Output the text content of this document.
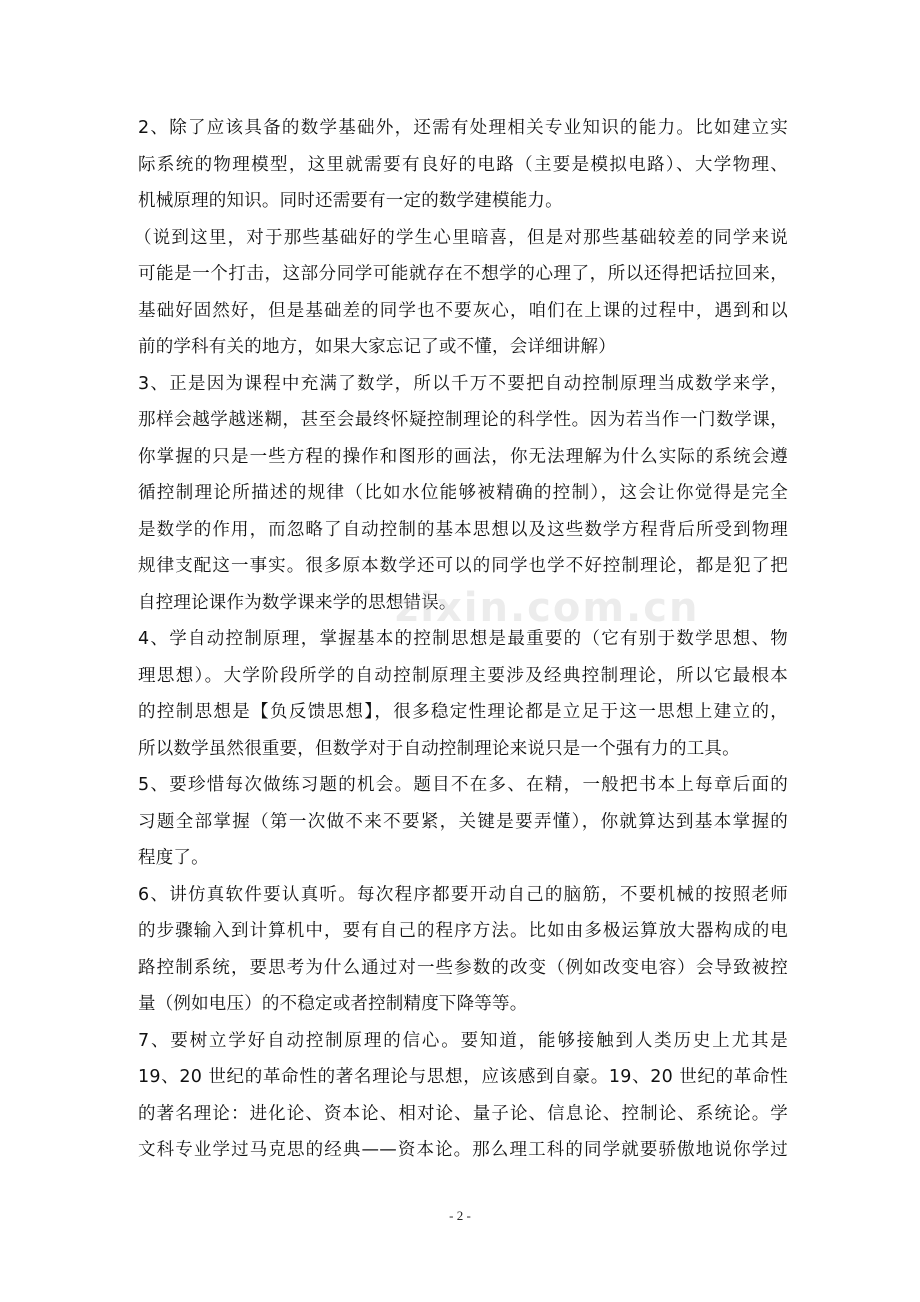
2、除了应该具备的数学基础外，还需有处理相关专业知识的能力。比如建立实
际系统的物理模型，这里就需要有良好的电路（主要是模拟电路）、大学物理、
机械原理的知识。同时还需要有一定的数学建模能力。
（说到这里，对于那些基础好的学生心里暗喜，但是对那些基础较差的同学来说
可能是一个打击，这部分同学可能就存在不想学的心理了，所以还得把话拉回来，
基础好固然好，但是基础差的同学也不要灰心，咱们在上课的过程中，遇到和以
前的学科有关的地方，如果大家忘记了或不懂，会详细讲解）
3、正是因为课程中充满了数学，所以千万不要把自动控制原理当成数学来学，
那样会越学越迷糊，甚至会最终怀疑控制理论的科学性。因为若当作一门数学课，
你掌握的只是一些方程的操作和图形的画法，你无法理解为什么实际的系统会遵
循控制理论所描述的规律（比如水位能够被精确的控制），这会让你觉得是完全
是数学的作用，而忽略了自动控制的基本思想以及这些数学方程背后所受到物理
规律支配这一事实。很多原本数学还可以的同学也学不好控制理论，都是犯了把
自控理论课作为数学课来学的思想错误。
4、学自动控制原理，掌握基本的控制思想是最重要的（它有别于数学思想、物
理思想）。大学阶段所学的自动控制原理主要涉及经典控制理论，所以它最根本
的控制思想是【负反馈思想】，很多稳定性理论都是立足于这一思想上建立的，
所以数学虽然很重要，但数学对于自动控制理论来说只是一个强有力的工具。
5、要珍惜每次做练习题的机会。题目不在多、在精，一般把书本上每章后面的
习题全部掌握（第一次做不来不要紧，关键是要弄懂），你就算达到基本掌握的
程度了。
6、讲仿真软件要认真听。每次程序都要开动自己的脑筋，不要机械的按照老师
的步骤输入到计算机中，要有自己的程序方法。比如由多极运算放大器构成的电
路控制系统，要思考为什么通过对一些参数的改变（例如改变电容）会导致被控
量（例如电压）的不稳定或者控制精度下降等等。
7、要树立学好自动控制原理的信心。要知道，能够接触到人类历史上尤其是
19、20 世纪的革命性的著名理论与思想，应该感到自豪。19、20 世纪的革命性
的著名理论：进化论、资本论、相对论、量子论、信息论、控制论、系统论。学
文科专业学过马克思的经典——资本论。那么理工科的同学就要骄傲地说你学过
zixin.com.cn
- 2 -
